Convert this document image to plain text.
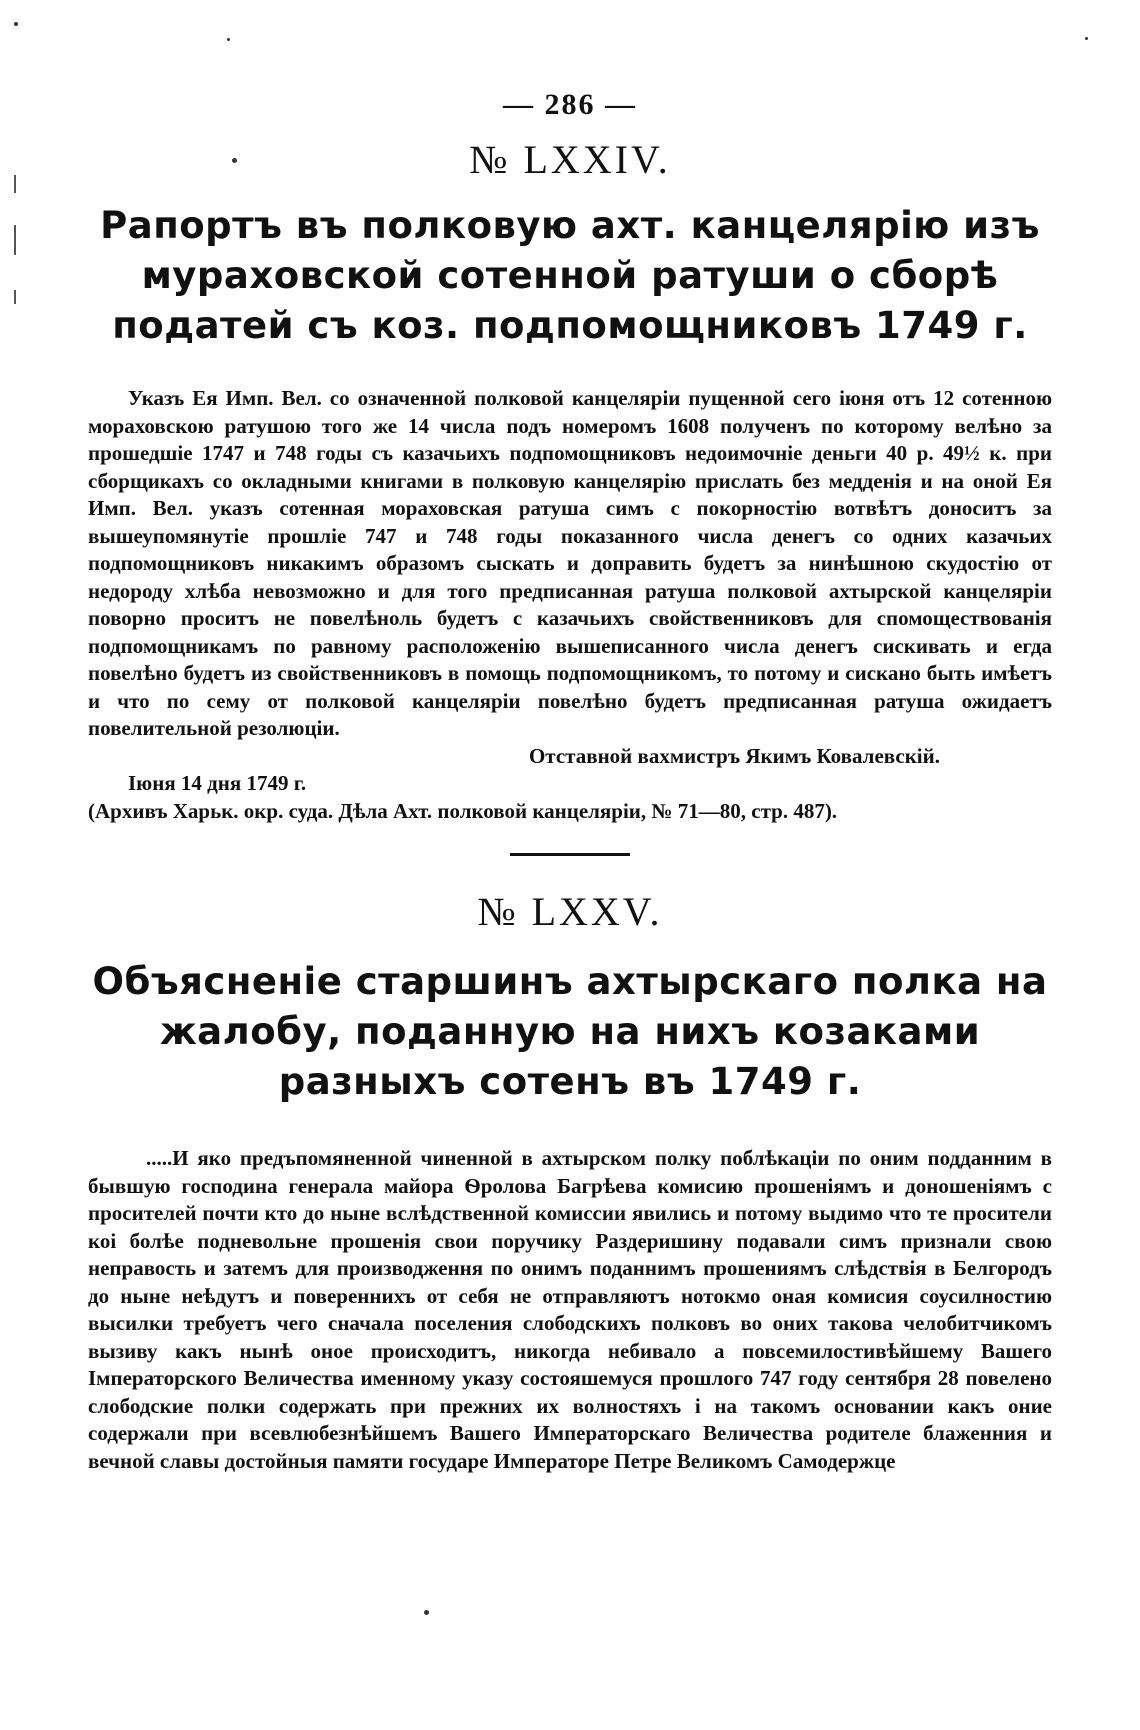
— 286 —
№ LXXIV.
Рапортъ въ полковую ахт. канцелярію изъ мураховской сотенной ратуши о сборѣ податей съ коз. подпомощниковъ 1749 г.

Указъ Ея Имп. Вел. со означенной полковой канцеляріи пущенной сего іюня отъ 12 сотенною мораховскою ратушою того же 14 числа подъ номеромъ 1608 полученъ по которому велѣно за прошедшіе 1747 и 748 годы съ казачьихъ подпомощниковъ недоимочніе деньги 40 р. 49½ к. при сборщикахъ со окладными книгами в полковую канцелярію прислать без медденія и на оной Ея Имп. Вел. указъ сотенная мораховская ратуша симъ с покорностію вотвѣтъ доноситъ за вышеупомянутіе прошліе 747 и 748 годы показанного числа денегъ со одних казачьих подпомощниковъ никакимъ образомъ сыскать и доправить будетъ за нинѣшною скудостію от недороду хлѣба невозможно и для того предписанная ратуша полковой ахтырской канцеляріи поворно проситъ не повелѣноль будетъ с казачьихъ свойственниковъ для спомоществованія подпомощникамъ по равному расположенію вышеписанного числа денегъ сискивать и егда повелѣно будетъ из свойственниковъ в помощь подпомощникомъ, то потому и сискано быть имѣетъ и что по сему от полковой канцеляріи повелѣно будетъ предписанная ратуша ожидаетъ повелительной резолюціи.

Отставной вахмистръ Якимъ Ковалевскій.
Іюня 14 дня 1749 г.
(Архивъ Харьк. окр. суда. Дѣла Ахт. полковой канцеляріи, № 71—80, стр. 487).
№ LXXV.
Объясненіе старшинъ ахтырскаго полка на жалобу, поданную на нихъ козаками разныхъ сотенъ въ 1749 г.

.....И яко предъпомяненной чиненной в ахтырском полку поблѣкаціи по оним подданним в бывшую господина генерала майора Ѳролова Багрѣева комисию прошеніямъ и доношеніямъ с просителей почти кто до ныне вслѣдственной комиссии явились и потому выдимо что те просители коі болѣе подневольне прошенія свои поручику Раздеришину подавали симъ признали свою неправость и затемъ для производження по онимъ поданнимъ прошениямъ слѣдствія в Белгородъ до ныне неѣдутъ и повереннихъ от себя не отправляютъ нотокмо оная комисия соусилностию высилки требуетъ чего сначала поселения слободскихъ полковъ во оних такова челобитчикомъ вызиву какъ нынѣ оное происходитъ, никогда небивало а повсемилостивѣйшему Вашего Імператорского Величества именному указу состояшемуся прошлого 747 году сентября 28 повелено слободские полки содержать при прежних их волностяхъ і на такомъ основании какъ оние содержали при всевлюбезнѣйшемъ Вашего Императорскаго Величества родителе блаженния и вечной славы достойныя памяти государе Императоре Петре Великомъ Самодержце
